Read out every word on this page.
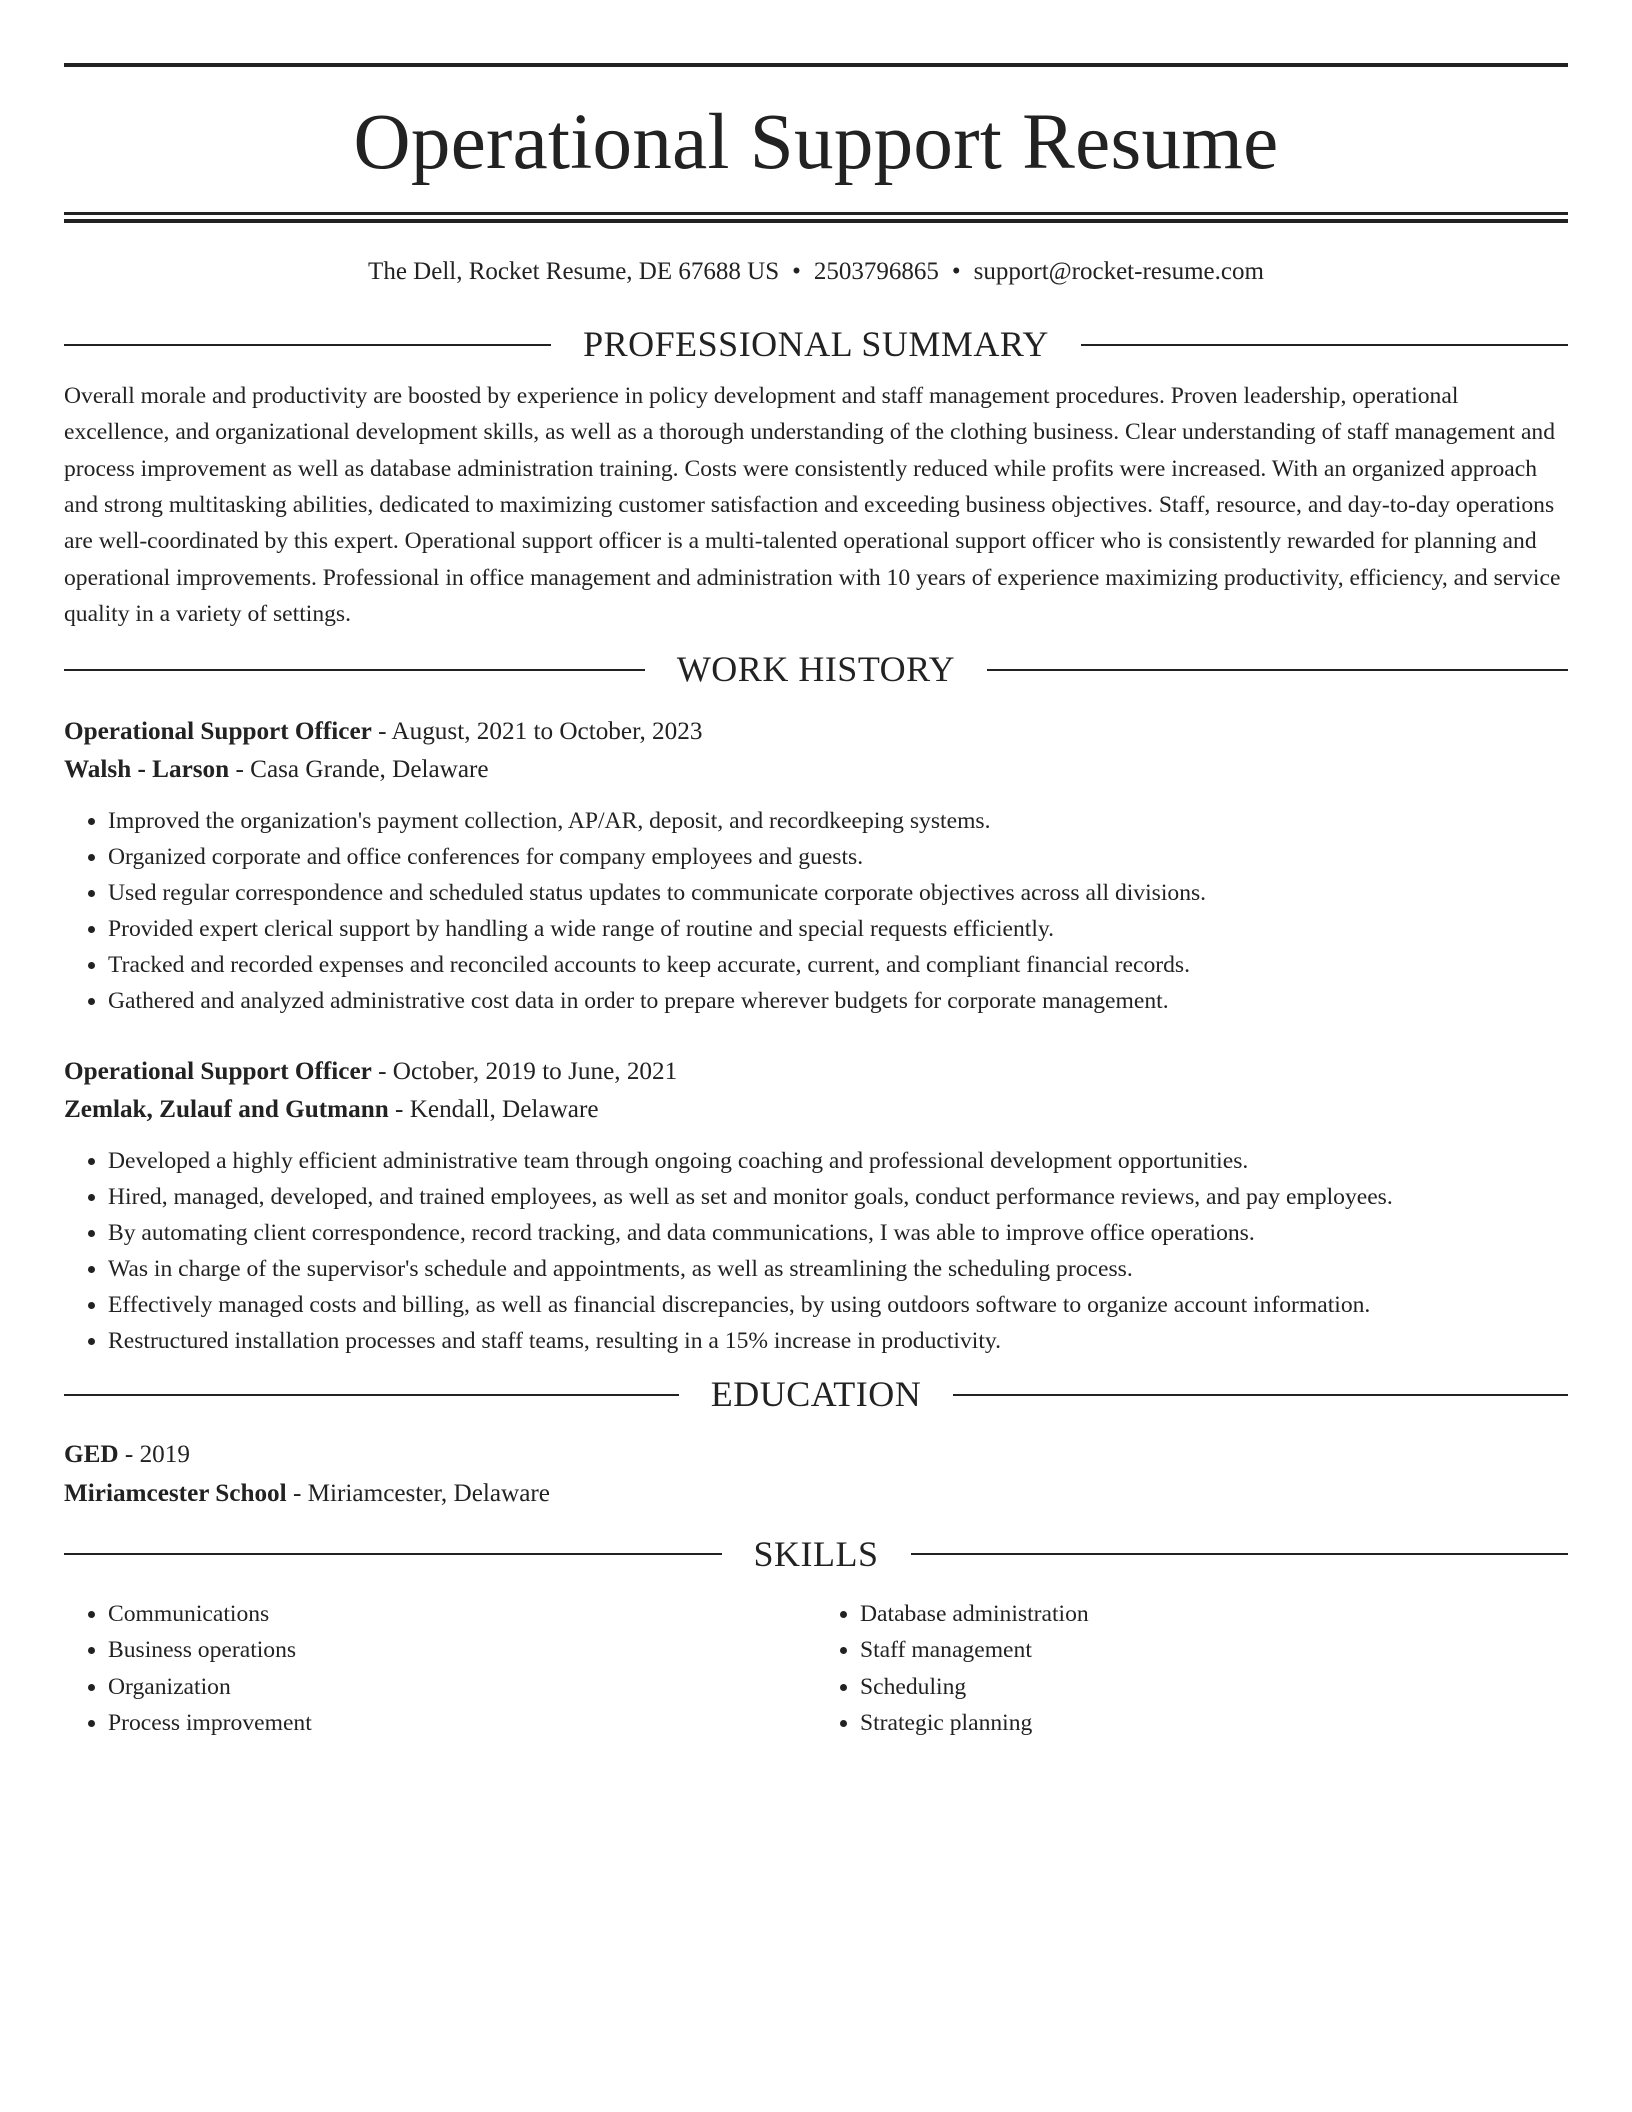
Operational Support Resume
The Dell, Rocket Resume, DE 67688 US • 2503796865 • support@rocket-resume.com
PROFESSIONAL SUMMARY
Overall morale and productivity are boosted by experience in policy development and staff management procedures. Proven leadership, operational excellence, and organizational development skills, as well as a thorough understanding of the clothing business. Clear understanding of staff management and process improvement as well as database administration training. Costs were consistently reduced while profits were increased. With an organized approach and strong multitasking abilities, dedicated to maximizing customer satisfaction and exceeding business objectives. Staff, resource, and day-to-day operations are well-coordinated by this expert. Operational support officer is a multi-talented operational support officer who is consistently rewarded for planning and operational improvements. Professional in office management and administration with 10 years of experience maximizing productivity, efficiency, and service quality in a variety of settings.
WORK HISTORY
Operational Support Officer - August, 2021 to October, 2023
Walsh - Larson - Casa Grande, Delaware
• Improved the organization's payment collection, AP/AR, deposit, and recordkeeping systems.
• Organized corporate and office conferences for company employees and guests.
• Used regular correspondence and scheduled status updates to communicate corporate objectives across all divisions.
• Provided expert clerical support by handling a wide range of routine and special requests efficiently.
• Tracked and recorded expenses and reconciled accounts to keep accurate, current, and compliant financial records.
• Gathered and analyzed administrative cost data in order to prepare wherever budgets for corporate management.
Operational Support Officer - October, 2019 to June, 2021
Zemlak, Zulauf and Gutmann - Kendall, Delaware
• Developed a highly efficient administrative team through ongoing coaching and professional development opportunities.
• Hired, managed, developed, and trained employees, as well as set and monitor goals, conduct performance reviews, and pay employees.
• By automating client correspondence, record tracking, and data communications, I was able to improve office operations.
• Was in charge of the supervisor's schedule and appointments, as well as streamlining the scheduling process.
• Effectively managed costs and billing, as well as financial discrepancies, by using outdoors software to organize account information.
• Restructured installation processes and staff teams, resulting in a 15% increase in productivity.
EDUCATION
GED - 2019
Miriamcester School - Miriamcester, Delaware
SKILLS
• Communications
• Business operations
• Organization
• Process improvement
• Database administration
• Staff management
• Scheduling
• Strategic planning
